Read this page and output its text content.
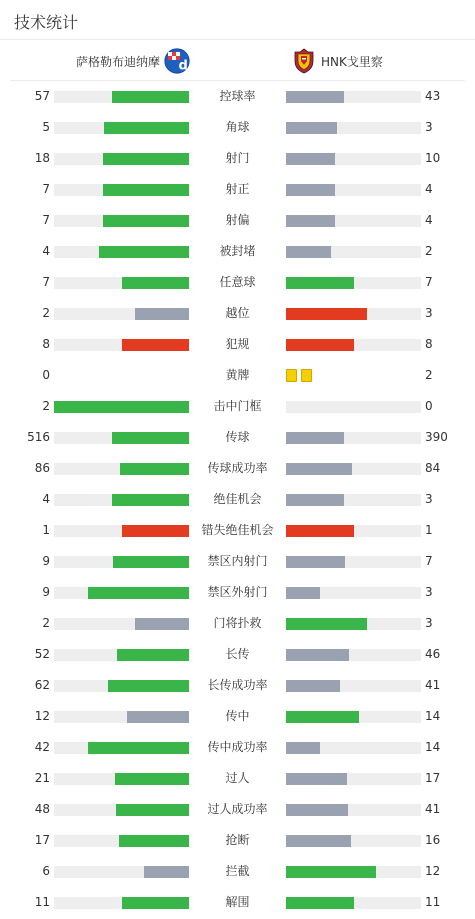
技术统计
萨格勒布迪纳摩 d	HNK戈里察
57	控球率	43
5	角球	3
18	射门	10
7	射正	4
7	射偏	4
4	被封堵	2
7	任意球	7
2	越位	3
8	犯规	8
0	黄牌	2
2	击中门框	0
516	传球	390
86	传球成功率	84
4	绝佳机会	3
1	错失绝佳机会	1
9	禁区内射门	7
9	禁区外射门	3
2	门将扑救	3
52	长传	46
62	长传成功率	41
12	传中	14
42	传中成功率	14
21	过人	17
48	过人成功率	41
17	抢断	16
6	拦截	12
11	解围	11
